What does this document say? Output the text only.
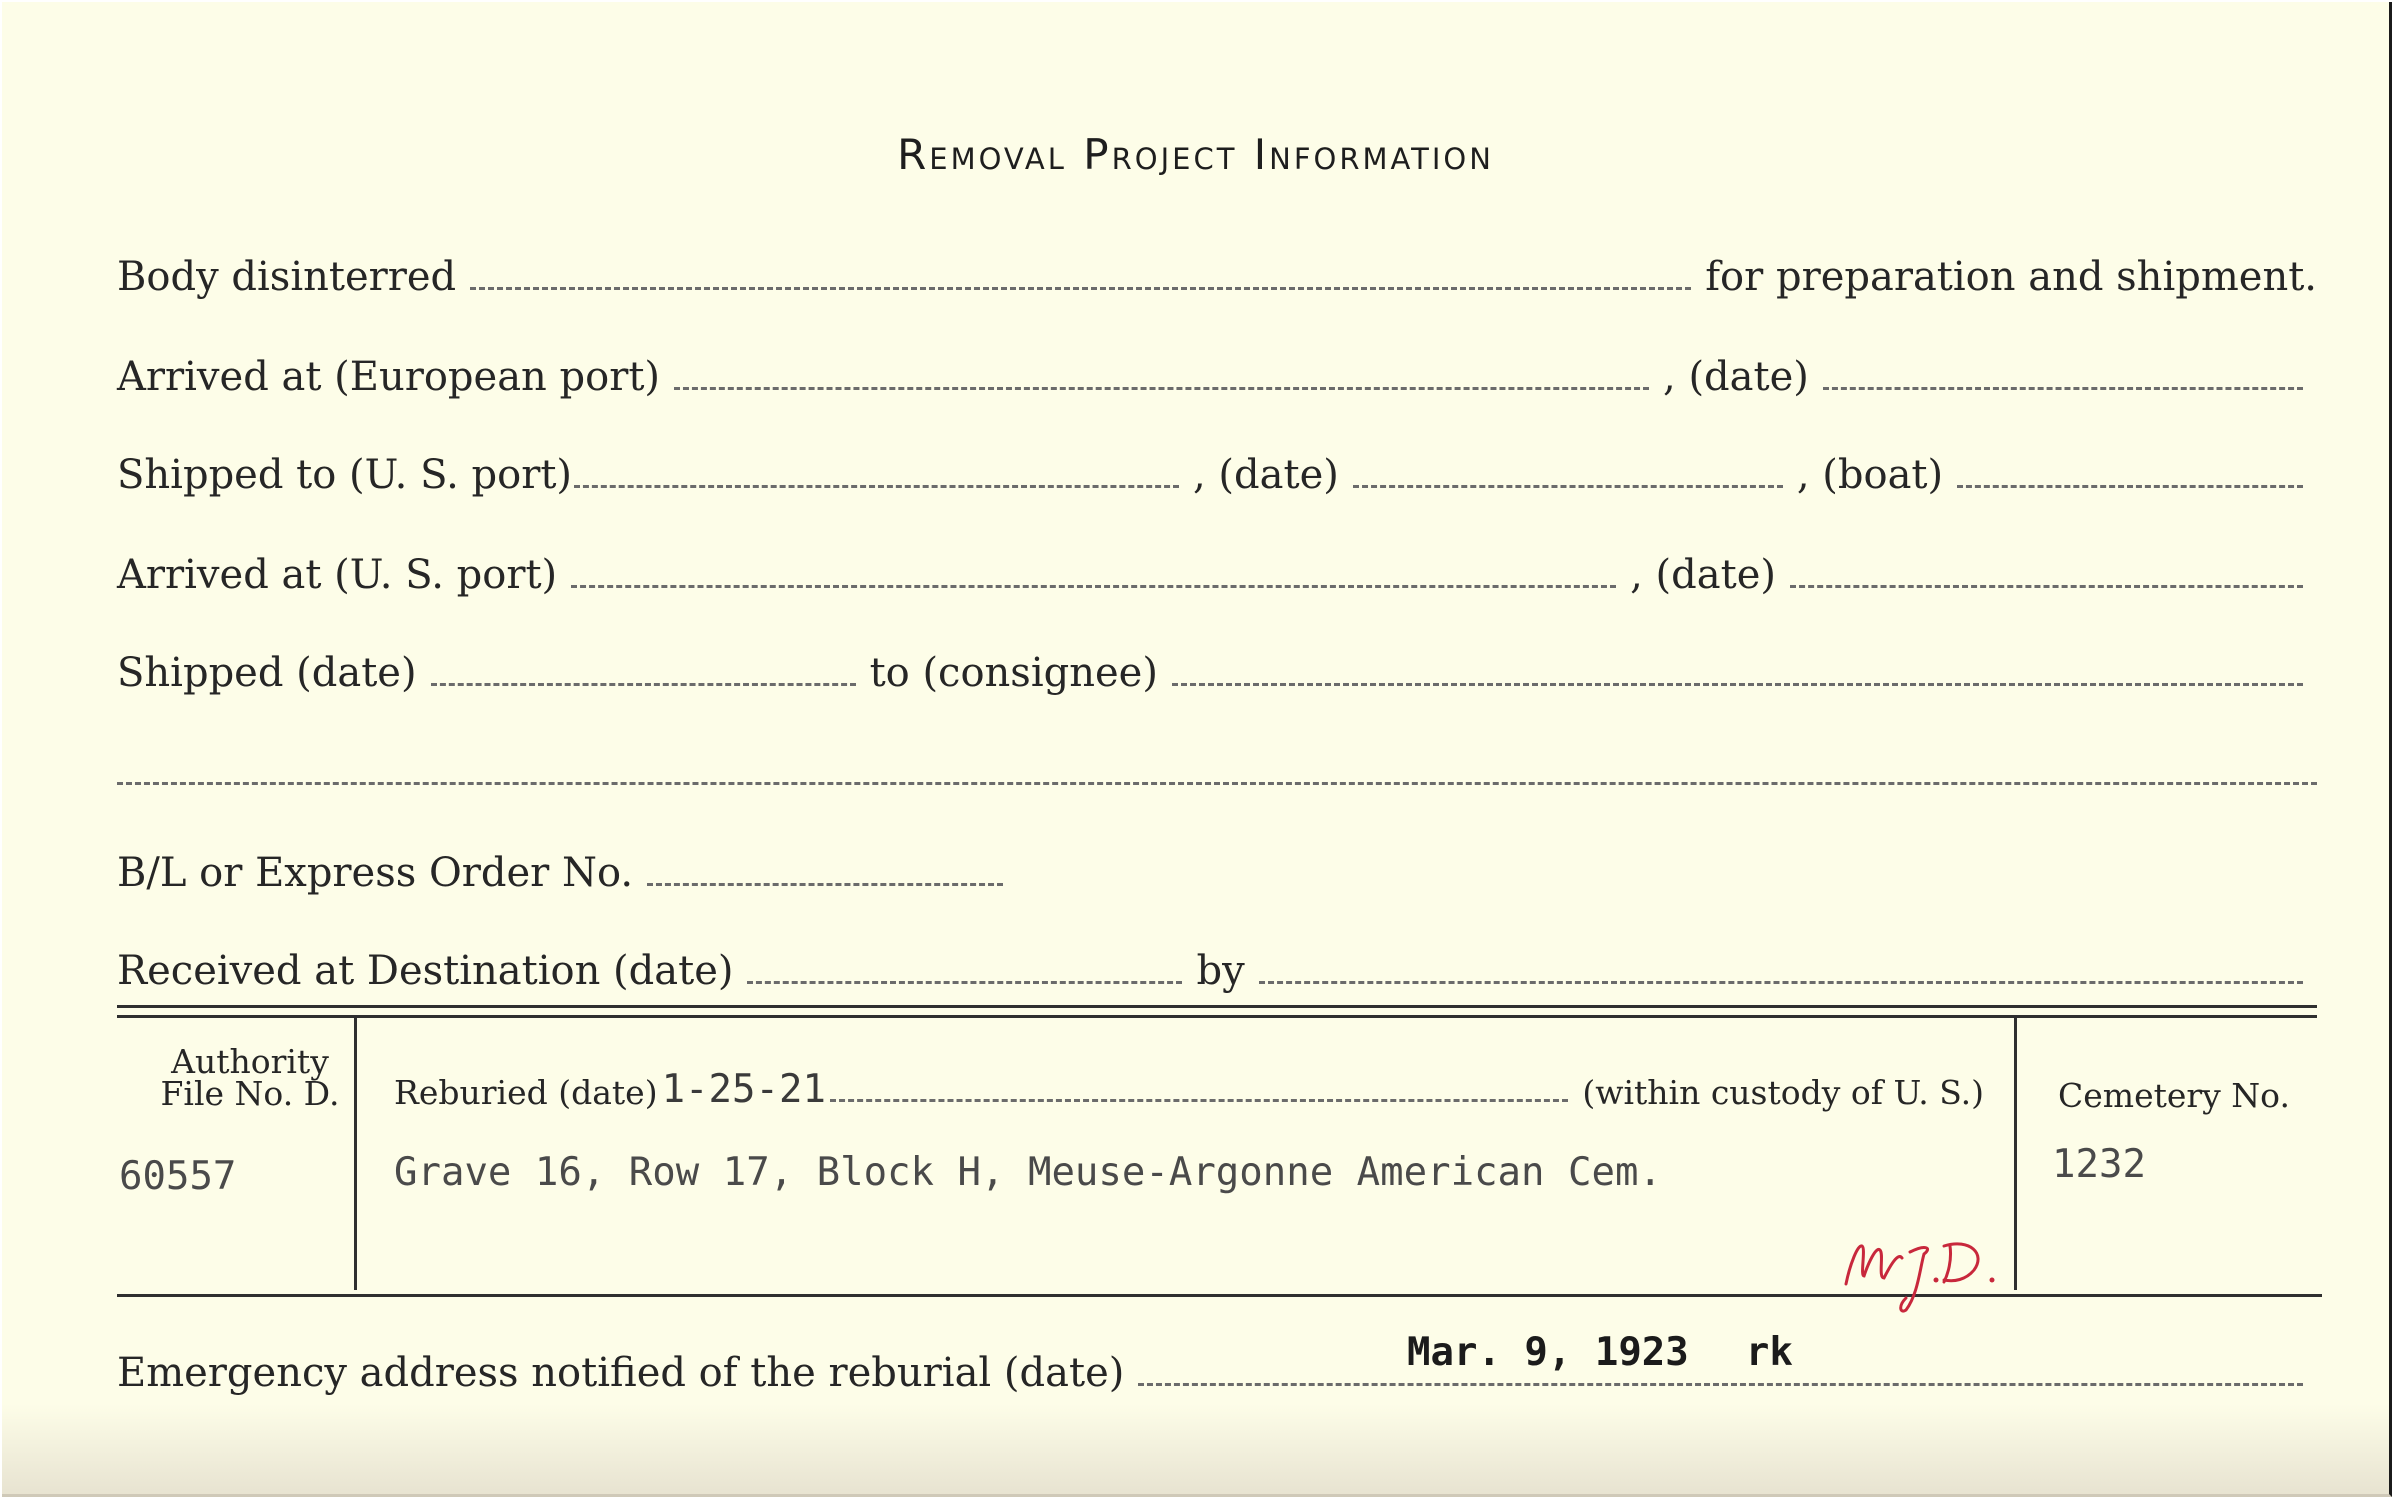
Removal Project Information
Body disinterred	for preparation and shipment.
Arrived at (European port)	, (date)
Shipped to (U. S. port)	, (date)	, (boat)
Arrived at (U. S. port)	, (date)
Shipped (date)	to (consignee)
B/L or Express Order No.
Received at Destination (date)	by
Authority
File No. D.
60557
Reburied (date) 1-25-21	(within custody of U. S.)
Grave 16, Row 17, Block H, Meuse-Argonne American Cem.
Cemetery No.
1232
Emergency address notified of the reburial (date)	Mar. 9, 1923 rk
